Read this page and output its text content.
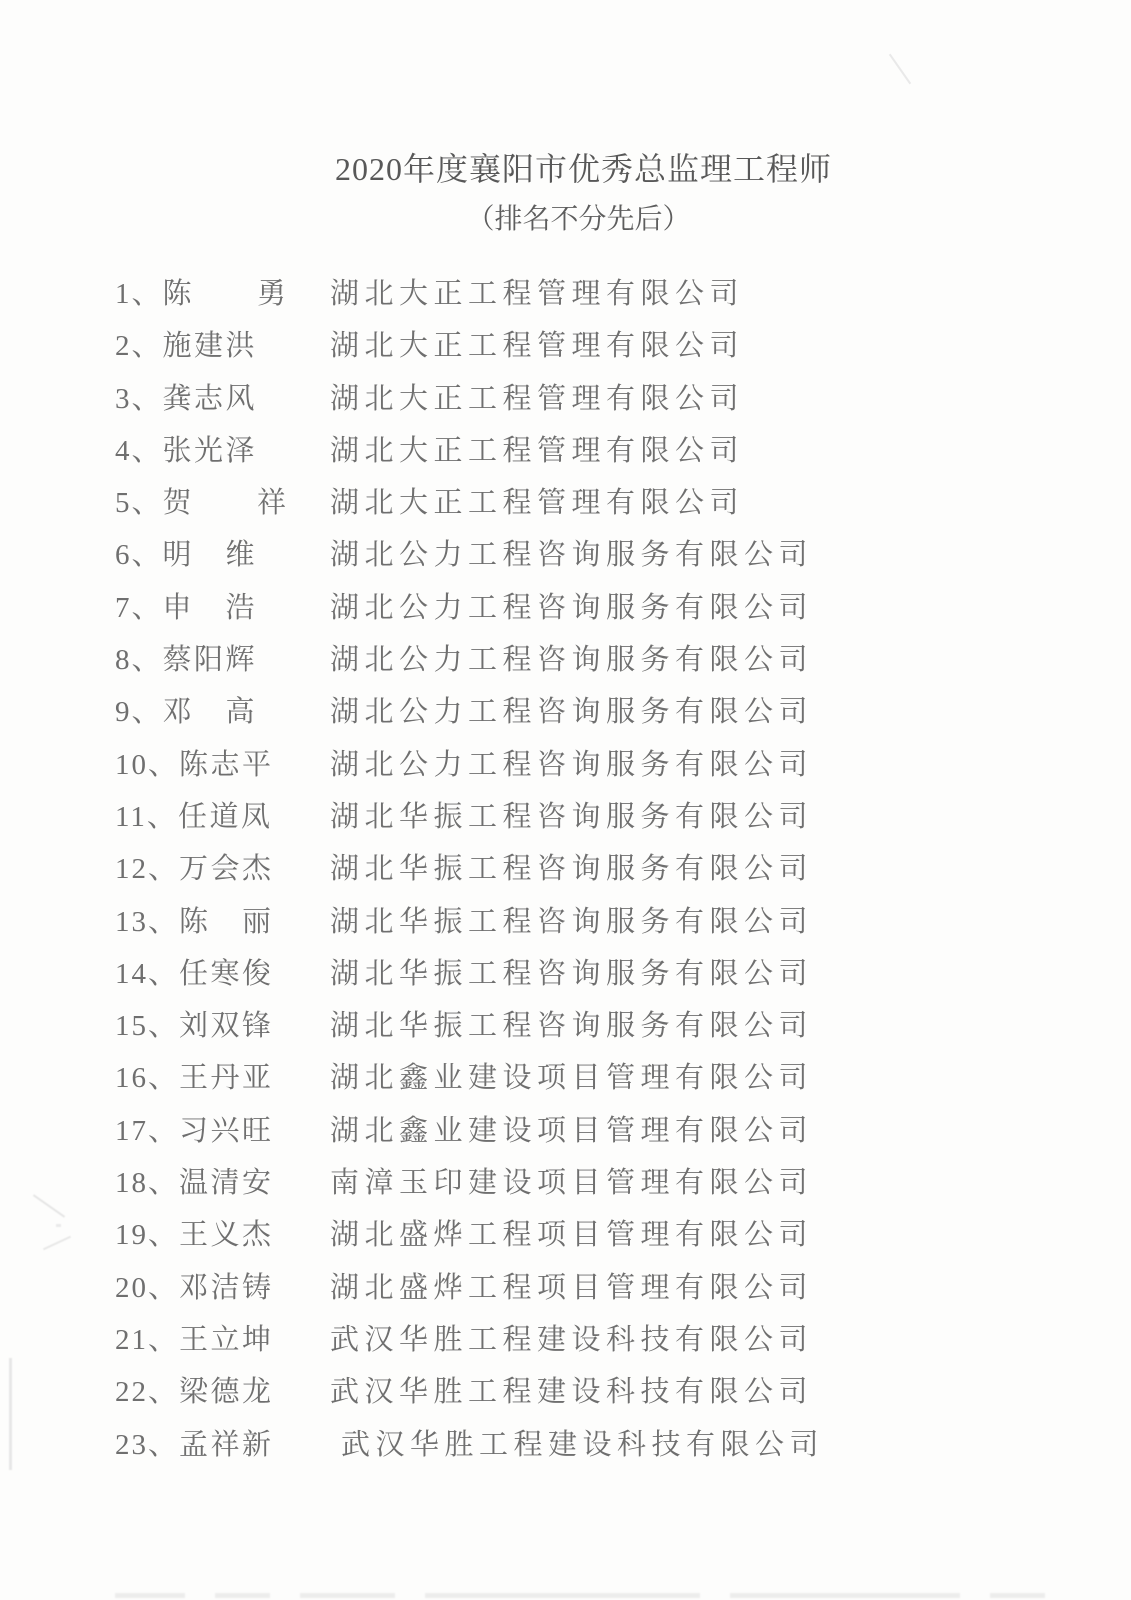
2020年度襄阳市优秀总监理工程师
（排名不分先后）
1、陈　　勇 湖北大正工程管理有限公司
2、施建洪	湖北大正工程管理有限公司
3、龚志风	湖北大正工程管理有限公司
4、张光泽	湖北大正工程管理有限公司
5、贺　　祥 湖北大正工程管理有限公司
6、明　维	湖北公力工程咨询服务有限公司
7、申　浩	湖北公力工程咨询服务有限公司
8、蔡阳辉	湖北公力工程咨询服务有限公司
9、邓　高	湖北公力工程咨询服务有限公司
10、陈志平 湖北公力工程咨询服务有限公司
11、任道凤 湖北华振工程咨询服务有限公司
12、万会杰 湖北华振工程咨询服务有限公司
13、陈　丽 湖北华振工程咨询服务有限公司
14、任寒俊 湖北华振工程咨询服务有限公司
15、刘双锋 湖北华振工程咨询服务有限公司
16、王丹亚 湖北鑫业建设项目管理有限公司
17、习兴旺 湖北鑫业建设项目管理有限公司
18、温清安 南漳玉印建设项目管理有限公司
19、王义杰 湖北盛烨工程项目管理有限公司
20、邓洁铸 湖北盛烨工程项目管理有限公司
21、王立坤 武汉华胜工程建设科技有限公司
22、梁德龙 武汉华胜工程建设科技有限公司
23、孟祥新 武汉华胜工程建设科技有限公司
